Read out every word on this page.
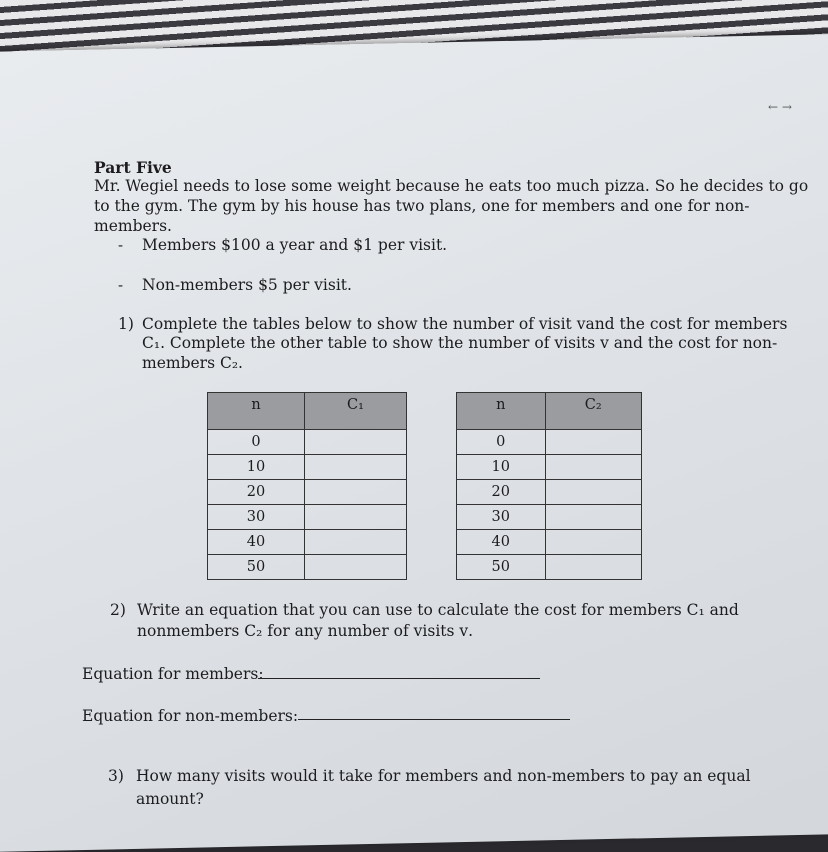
← →
Part Five
Mr. Wegiel needs to lose some weight because he eats too much pizza. So he decides to go
to the gym. The gym by his house has two plans, one for members and one for non-
members.
- Members $100 a year and $1 per visit.
- Non-members $5 per visit.
1) Complete the tables below to show the number of visit ᴠand the cost for members
C₁. Complete the other table to show the number of visits ᴠ and the cost for non-
members C₂.
n	C₁
0	
10	
20	
30	
40	
50	
n	C₂
0	
10	
20	
30	
40	
50	
2) Write an equation that you can use to calculate the cost for members C₁ and
nonmembers C₂ for any number of visits ᴠ.
Equation for members:
Equation for non-members:
3) How many visits would it take for members and non-members to pay an equal
amount?
